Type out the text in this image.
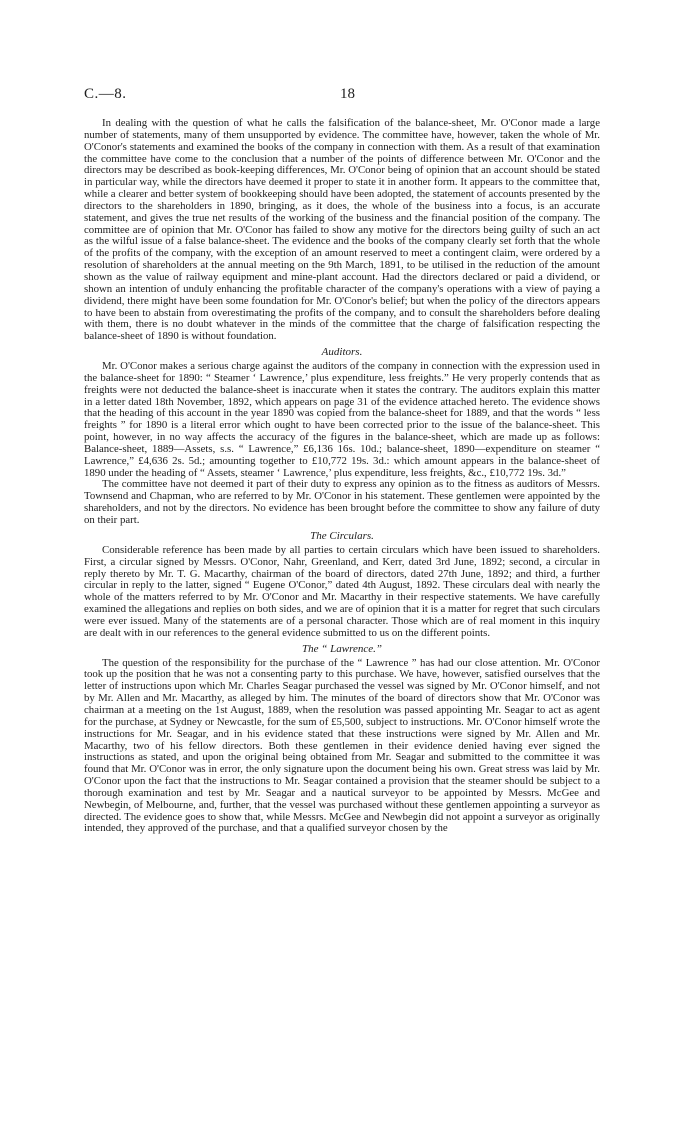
C.—8.	18

In dealing with the question of what he calls the falsification of the balance-sheet, Mr. O'Conor made a large number of statements, many of them unsupported by evidence. The committee have, however, taken the whole of Mr. O'Conor's statements and examined the books of the company in connection with them. As a result of that examination the committee have come to the conclusion that a number of the points of difference between Mr. O'Conor and the directors may be described as book-keeping differences, Mr. O'Conor being of opinion that an account should be stated in particular way, while the directors have deemed it proper to state it in another form. It appears to the committee that, while a clearer and better system of bookkeeping should have been adopted, the statement of accounts presented by the directors to the shareholders in 1890, bringing, as it does, the whole of the business into a focus, is an accurate statement, and gives the true net results of the working of the business and the financial position of the company. The committee are of opinion that Mr. O'Conor has failed to show any motive for the directors being guilty of such an act as the wilful issue of a false balance-sheet. The evidence and the books of the company clearly set forth that the whole of the profits of the company, with the exception of an amount reserved to meet a contingent claim, were ordered by a resolution of shareholders at the annual meeting on the 9th March, 1891, to be utilised in the reduction of the amount shown as the value of railway equipment and mine-plant account. Had the directors declared or paid a dividend, or shown an intention of unduly enhancing the profitable character of the company's operations with a view of paying a dividend, there might have been some foundation for Mr. O'Conor's belief; but when the policy of the directors appears to have been to abstain from overestimating the profits of the company, and to consult the shareholders before dealing with them, there is no doubt whatever in the minds of the committee that the charge of falsification respecting the balance-sheet of 1890 is without foundation.

Auditors.

Mr. O'Conor makes a serious charge against the auditors of the company in connection with the expression used in the balance-sheet for 1890: “ Steamer ‘ Lawrence,’ plus expenditure, less freights.” He very properly contends that as freights were not deducted the balance-sheet is inaccurate when it states the contrary. The auditors explain this matter in a letter dated 18th November, 1892, which appears on page 31 of the evidence attached hereto. The evidence shows that the heading of this account in the year 1890 was copied from the balance-sheet for 1889, and that the words “ less freights ” for 1890 is a literal error which ought to have been corrected prior to the issue of the balance-sheet. This point, however, in no way affects the accuracy of the figures in the balance-sheet, which are made up as follows: Balance-sheet, 1889—Assets, s.s. “ Lawrence,” £6,136 16s. 10d.; balance-sheet, 1890—expenditure on steamer “ Lawrence,” £4,636 2s. 5d.; amounting together to £10,772 19s. 3d.: which amount appears in the balance-sheet of 1890 under the heading of “ Assets, steamer ‘ Lawrence,’ plus expenditure, less freights, &c., £10,772 19s. 3d.”

The committee have not deemed it part of their duty to express any opinion as to the fitness as auditors of Messrs. Townsend and Chapman, who are referred to by Mr. O'Conor in his statement. These gentlemen were appointed by the shareholders, and not by the directors. No evidence has been brought before the committee to show any failure of duty on their part.

The Circulars.

Considerable reference has been made by all parties to certain circulars which have been issued to shareholders. First, a circular signed by Messrs. O'Conor, Nahr, Greenland, and Kerr, dated 3rd June, 1892; second, a circular in reply thereto by Mr. T. G. Macarthy, chairman of the board of directors, dated 27th June, 1892; and third, a further circular in reply to the latter, signed “ Eugene O'Conor,” dated 4th August, 1892. These circulars deal with nearly the whole of the matters referred to by Mr. O'Conor and Mr. Macarthy in their respective statements. We have carefully examined the allegations and replies on both sides, and we are of opinion that it is a matter for regret that such circulars were ever issued. Many of the statements are of a personal character. Those which are of real moment in this inquiry are dealt with in our references to the general evidence submitted to us on the different points.

The “ Lawrence.”

The question of the responsibility for the purchase of the “ Lawrence ” has had our close attention. Mr. O'Conor took up the position that he was not a consenting party to this purchase. We have, however, satisfied ourselves that the letter of instructions upon which Mr. Charles Seagar purchased the vessel was signed by Mr. O'Conor himself, and not by Mr. Allen and Mr. Macarthy, as alleged by him. The minutes of the board of directors show that Mr. O'Conor was chairman at a meeting on the 1st August, 1889, when the resolution was passed appointing Mr. Seagar to act as agent for the purchase, at Sydney or Newcastle, for the sum of £5,500, subject to instructions. Mr. O'Conor himself wrote the instructions for Mr. Seagar, and in his evidence stated that these instructions were signed by Mr. Allen and Mr. Macarthy, two of his fellow directors. Both these gentlemen in their evidence denied having ever signed the instructions as stated, and upon the original being obtained from Mr. Seagar and submitted to the committee it was found that Mr. O'Conor was in error, the only signature upon the document being his own. Great stress was laid by Mr. O'Conor upon the fact that the instructions to Mr. Seagar contained a provision that the steamer should be subject to a thorough examination and test by Mr. Seagar and a nautical surveyor to be appointed by Messrs. McGee and Newbegin, of Melbourne, and, further, that the vessel was purchased without these gentlemen appointing a surveyor as directed. The evidence goes to show that, while Messrs. McGee and Newbegin did not appoint a surveyor as originally intended, they approved of the purchase, and that a qualified surveyor chosen by the
